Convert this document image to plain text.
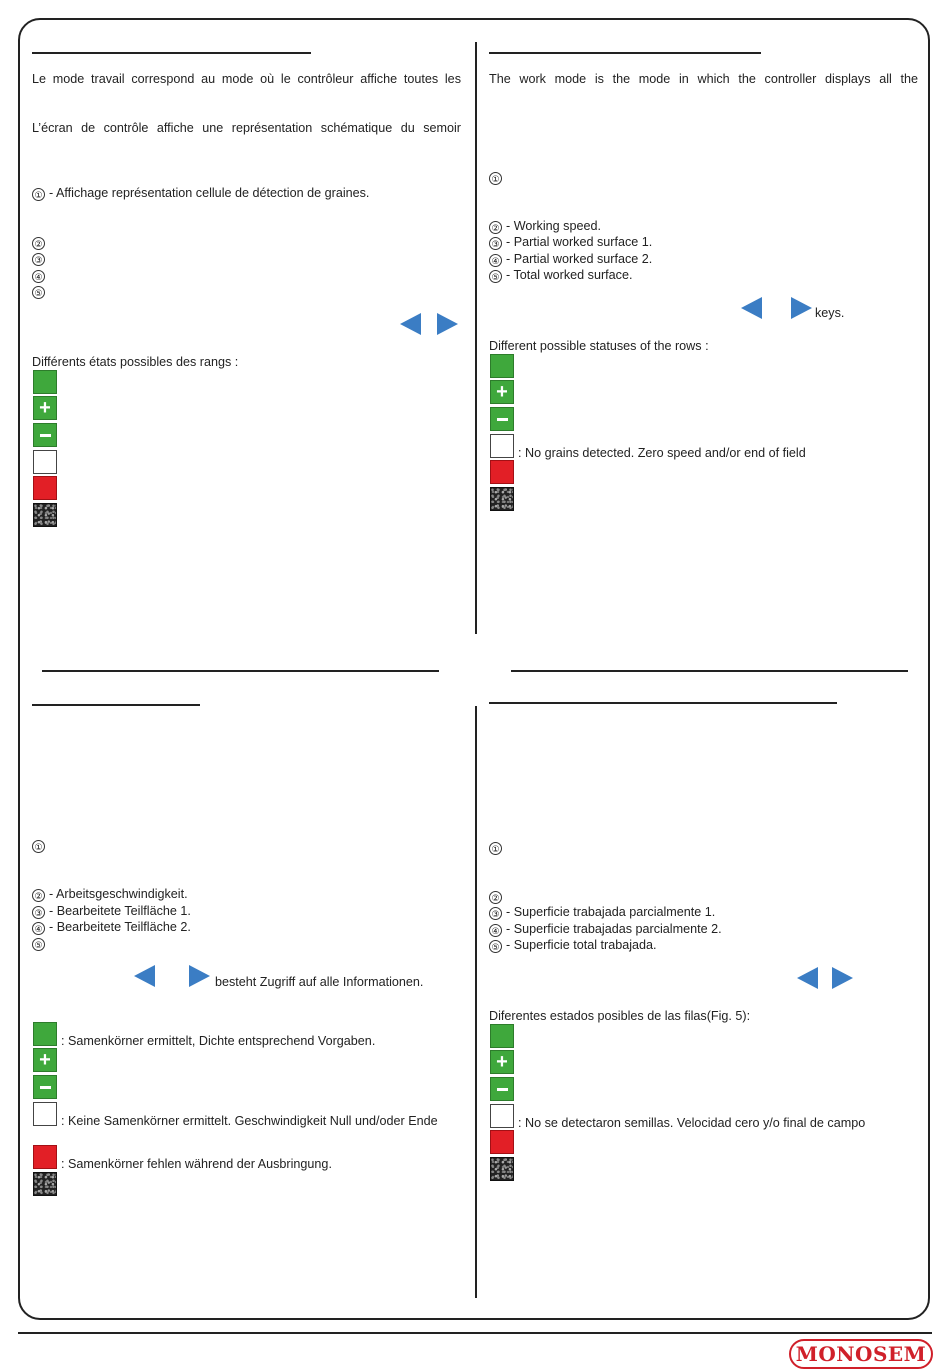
Le mode travail correspond au mode où le contrôleur affiche toutes les
L’écran de contrôle affiche une représentation schématique du semoir
① - Affichage représentation cellule de détection de graines.
②
③
④
⑤
Différents états possibles des rangs :
+
The work mode is the mode in which the controller displays all the
①
② - Working speed.
③ - Partial worked surface 1.
④ - Partial worked surface 2.
⑤ - Total worked surface.
keys.
Different possible statuses of the rows :
+
: No grains detected. Zero speed and/or end of field
①
② - Arbeitsgeschwindigkeit.
③ - Bearbeitete Teilfläche 1.
④ - Bearbeitete Teilfläche 2.
⑤
besteht Zugriff auf alle Informationen.
: Samenkörner ermittelt, Dichte entsprechend Vorgaben.
+
: Keine Samenkörner ermittelt. Geschwindigkeit Null und/oder Ende
: Samenkörner fehlen während der Ausbringung.
①
②
③ - Superficie trabajada parcialmente 1.
④ - Superficie trabajadas parcialmente 2.
⑤ - Superficie total trabajada.
Diferentes estados posibles de las filas(Fig. 5):
+
: No se detectaron semillas. Velocidad cero y/o final de campo
MONOSEM
